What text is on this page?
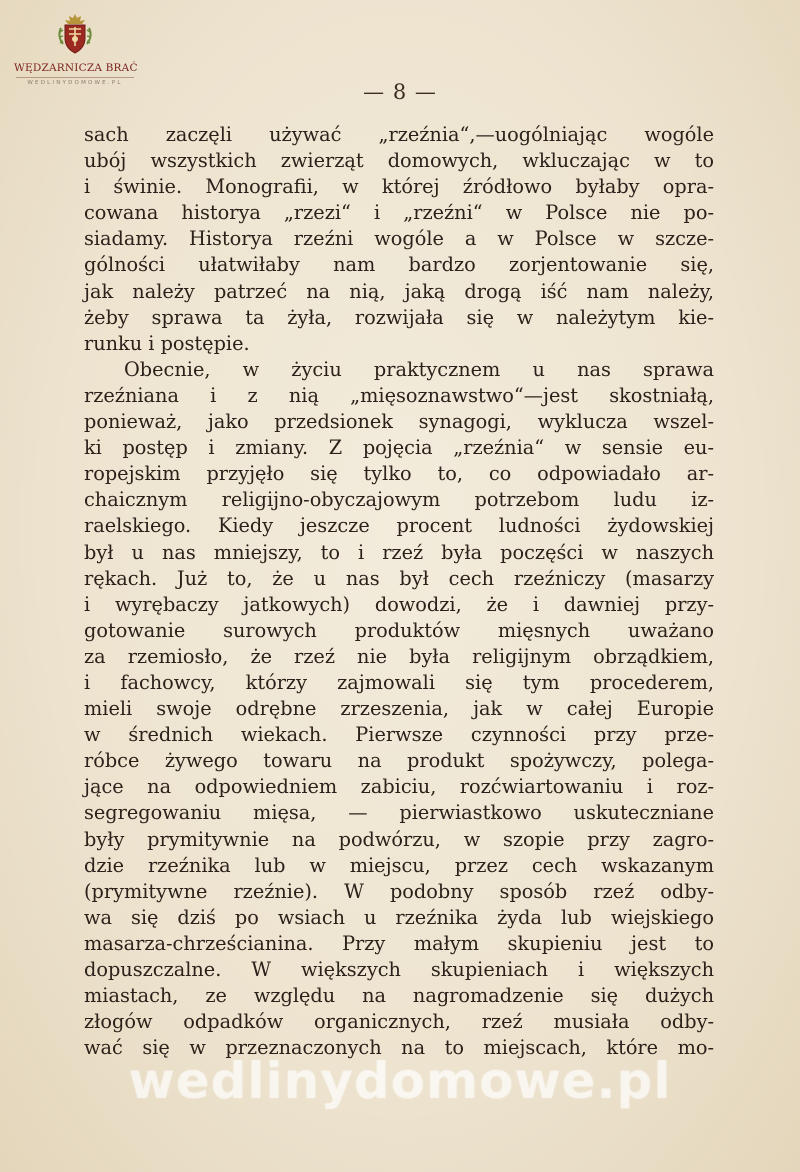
WĘDZARNICZA BRAĆ
WEDLINYDOMOWE.PL	— 8 —
sach zaczęli używać „rzeźnia“,—uogólniając wogóle
ubój wszystkich zwierząt domowych, wkluczając w to
i świnie. Monografii, w której źródłowo byłaby opra-
cowana historya „rzezi“ i „rzeźni“ w Polsce nie po-
siadamy. Historya rzeźni wogóle a w Polsce w szcze-
gólności ułatwiłaby nam bardzo zorjentowanie się,
jak należy patrzeć na nią, jaką drogą iść nam należy,
żeby sprawa ta żyła, rozwijała się w należytym kie-
runku i postępie.
Obecnie, w życiu praktycznem u nas sprawa
rzeźniana i z nią „mięsoznawstwo“—jest skostniałą,
ponieważ, jako przedsionek synagogi, wyklucza wszel-
ki postęp i zmiany. Z pojęcia „rzeźnia“ w sensie eu-
ropejskim przyjęło się tylko to, co odpowiadało ar-
chaicznym religijno-obyczajowym potrzebom ludu iz-
raelskiego. Kiedy jeszcze procent ludności żydowskiej
był u nas mniejszy, to i rzeź była poczęści w naszych
rękach. Już to, że u nas był cech rzeźniczy (masarzy
i wyrębaczy jatkowych) dowodzi, że i dawniej przy-
gotowanie surowych produktów mięsnych uważano
za rzemiosło, że rzeź nie była religijnym obrządkiem,
i fachowcy, którzy zajmowali się tym procederem,
mieli swoje odrębne zrzeszenia, jak w całej Europie
w średnich wiekach. Pierwsze czynności przy prze-
róbce żywego towaru na produkt spożywczy, polega-
jące na odpowiedniem zabiciu, rozćwiartowaniu i roz-
segregowaniu mięsa, — pierwiastkowo uskuteczniane
były prymitywnie na podwórzu, w szopie przy zagro-
dzie rzeźnika lub w miejscu, przez cech wskazanym
(prymitywne rzeźnie). W podobny sposób rzeź odby-
wa się dziś po wsiach u rzeźnika żyda lub wiejskiego
masarza-chrześcianina. Przy małym skupieniu jest to
dopuszczalne. W większych skupieniach i większych
miastach, ze względu na nagromadzenie się dużych
złogów odpadków organicznych, rzeź musiała odby-
wać się w przeznaczonych na to miejscach, które mo-
wedlinydomowe.pl
